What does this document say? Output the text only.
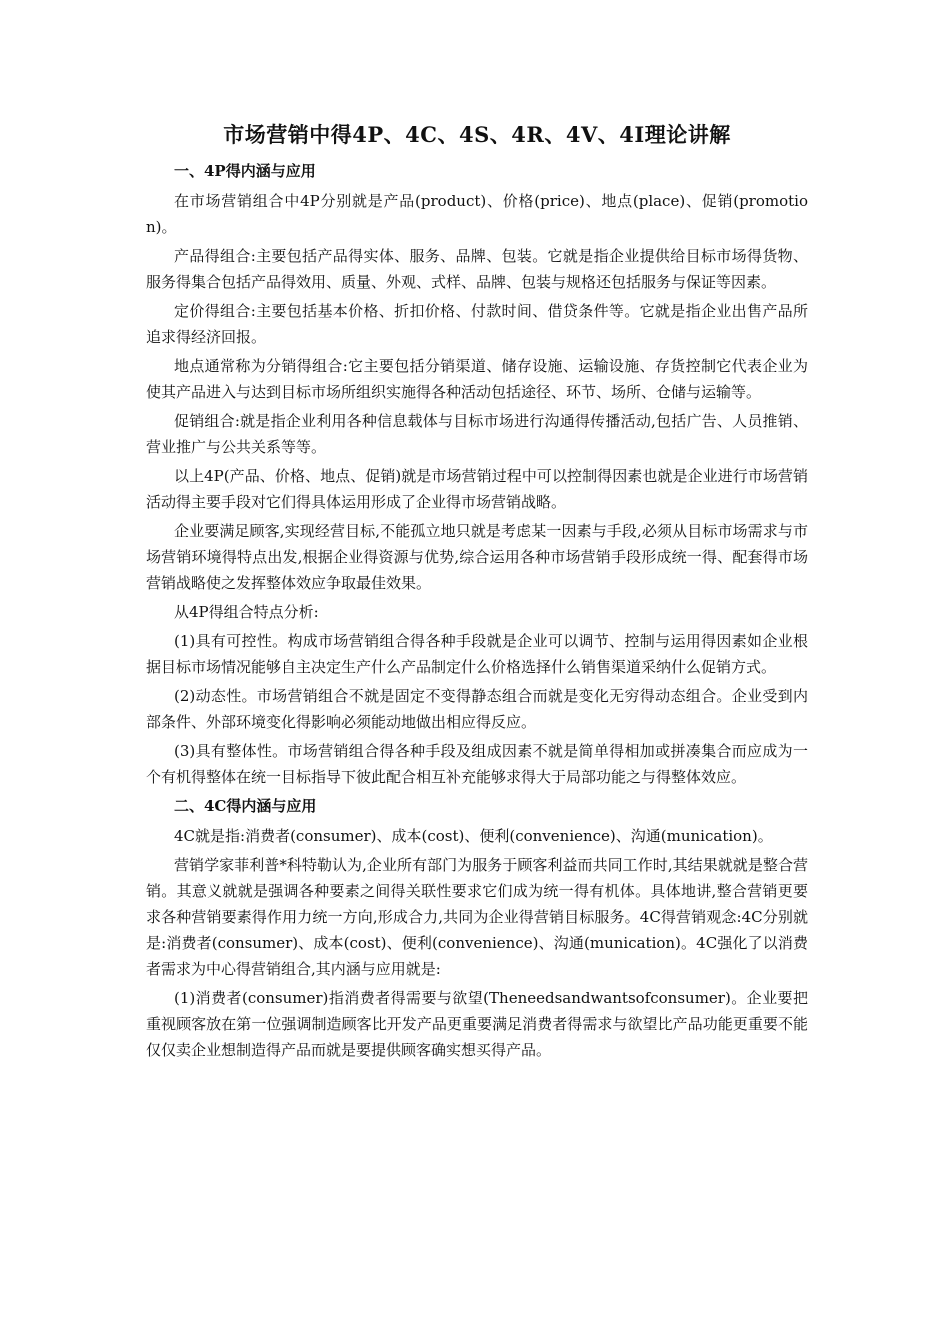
市场营销中得4P、4C、4S、4R、4V、4I理论讲解
一、4P得内涵与应用

在市场营销组合中4P分别就是产品(product)、价格(price)、地点(place)、促销(promotion)。

产品得组合:主要包括产品得实体、服务、品牌、包装。它就是指企业提供给目标市场得货物、服务得集合包括产品得效用、质量、外观、式样、品牌、包装与规格还包括服务与保证等因素。

定价得组合:主要包括基本价格、折扣价格、付款时间、借贷条件等。它就是指企业出售产品所追求得经济回报。

地点通常称为分销得组合:它主要包括分销渠道、储存设施、运输设施、存货控制它代表企业为使其产品进入与达到目标市场所组织实施得各种活动包括途径、环节、场所、仓储与运输等。

促销组合:就是指企业利用各种信息载体与目标市场进行沟通得传播活动,包括广告、人员推销、营业推广与公共关系等等。

以上4P(产品、价格、地点、促销)就是市场营销过程中可以控制得因素也就是企业进行市场营销活动得主要手段对它们得具体运用形成了企业得市场营销战略。

企业要满足顾客,实现经营目标,不能孤立地只就是考虑某一因素与手段,必须从目标市场需求与市场营销环境得特点出发,根据企业得资源与优势,综合运用各种市场营销手段形成统一得、配套得市场营销战略使之发挥整体效应争取最佳效果。

从4P得组合特点分析:

(1)具有可控性。构成市场营销组合得各种手段就是企业可以调节、控制与运用得因素如企业根据目标市场情况能够自主决定生产什么产品制定什么价格选择什么销售渠道采纳什么促销方式。

(2)动态性。市场营销组合不就是固定不变得静态组合而就是变化无穷得动态组合。企业受到内部条件、外部环境变化得影响必须能动地做出相应得反应。

(3)具有整体性。市场营销组合得各种手段及组成因素不就是简单得相加或拼凑集合而应成为一个有机得整体在统一目标指导下彼此配合相互补充能够求得大于局部功能之与得整体效应。

二、4C得内涵与应用

4C就是指:消费者(consumer)、成本(cost)、便利(convenience)、沟通(munication)。

营销学家菲利普*科特勒认为,企业所有部门为服务于顾客利益而共同工作时,其结果就就是整合营销。其意义就就是强调各种要素之间得关联性要求它们成为统一得有机体。具体地讲,整合营销更要求各种营销要素得作用力统一方向,形成合力,共同为企业得营销目标服务。4C得营销观念:4C分别就是:消费者(consumer)、成本(cost)、便利(convenience)、沟通(munication)。4C强化了以消费者需求为中心得营销组合,其内涵与应用就是:

(1)消费者(consumer)指消费者得需要与欲望(Theneedsandwantsofconsumer)。企业要把重视顾客放在第一位强调制造顾客比开发产品更重要满足消费者得需求与欲望比产品功能更重要不能仅仅卖企业想制造得产品而就是要提供顾客确实想买得产品。
